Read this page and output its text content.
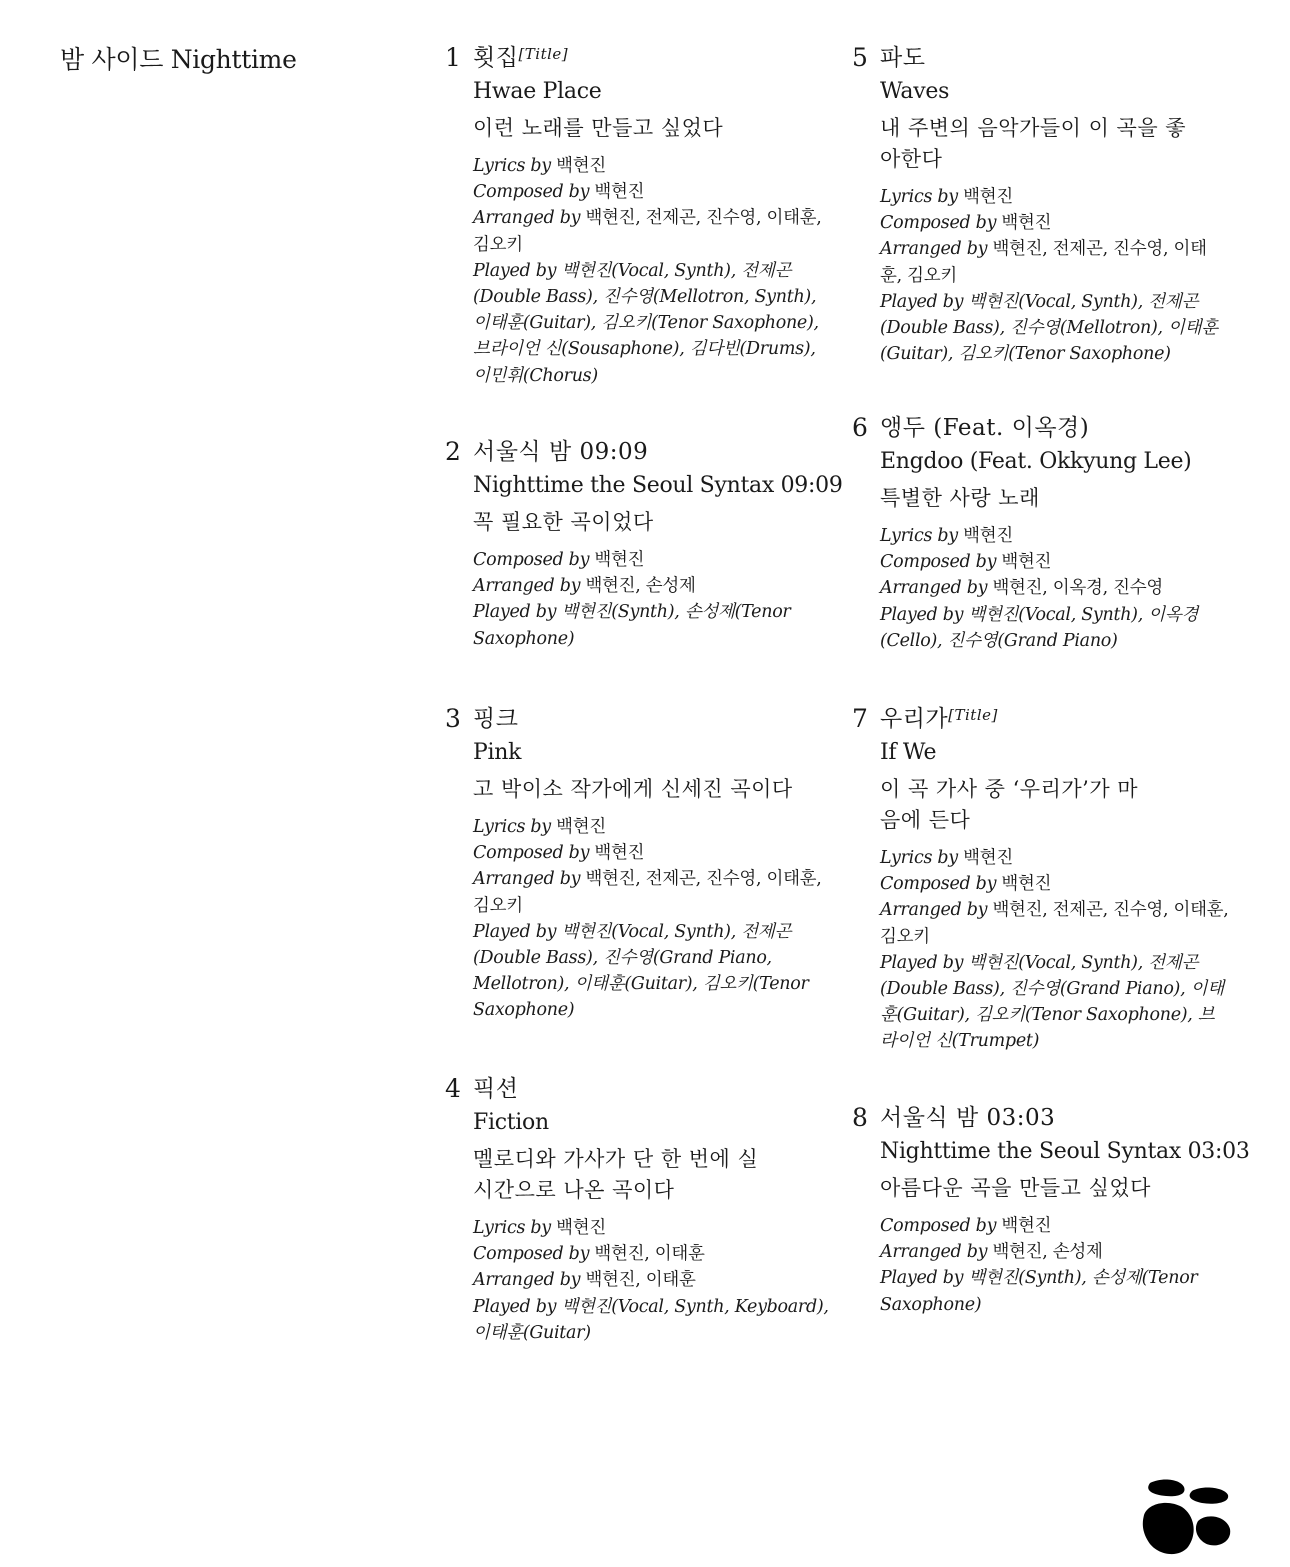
밤 사이드 Nighttime	1 횟집[Title]
Hwae Place
이런 노래를 만들고 싶었다
Lyrics by 백현진
Composed by 백현진
Arranged by 백현진, 전제곤, 진수영, 이태훈, 김오키
Played by 백현진(Vocal, Synth), 전제곤(Double Bass), 진수영(Mellotron, Synth), 이태훈(Guitar), 김오키(Tenor Saxophone), 브라이언 신(Sousaphone), 김다빈(Drums), 이민휘(Chorus)
2 서울식 밤 09:09
Nighttime the Seoul Syntax 09:09
꼭 필요한 곡이었다
Composed by 백현진
Arranged by 백현진, 손성제
Played by 백현진(Synth), 손성제(Tenor Saxophone)
3 핑크
Pink
고 박이소 작가에게 신세진 곡이다
Lyrics by 백현진
Composed by 백현진
Arranged by 백현진, 전제곤, 진수영, 이태훈, 김오키
Played by 백현진(Vocal, Synth), 전제곤(Double Bass), 진수영(Grand Piano, Mellotron), 이태훈(Guitar), 김오키(Tenor Saxophone)
4 픽션
Fiction
멜로디와 가사가 단 한 번에 실시간으로 나온 곡이다
Lyrics by 백현진
Composed by 백현진, 이태훈
Arranged by 백현진, 이태훈
Played by 백현진(Vocal, Synth, Keyboard), 이태훈(Guitar)
5 파도
Waves
내 주변의 음악가들이 이 곡을 좋아한다
Lyrics by 백현진
Composed by 백현진
Arranged by 백현진, 전제곤, 진수영, 이태훈, 김오키
Played by 백현진(Vocal, Synth), 전제곤(Double Bass), 진수영(Mellotron), 이태훈(Guitar), 김오키(Tenor Saxophone)
6 앵두 (Feat. 이옥경)
Engdoo (Feat. Okkyung Lee)
특별한 사랑 노래
Lyrics by 백현진
Composed by 백현진
Arranged by 백현진, 이옥경, 진수영
Played by 백현진(Vocal, Synth), 이옥경(Cello), 진수영(Grand Piano)
7 우리가[Title]
If We
이 곡 가사 중 ‘우리가’가 마음에 든다
Lyrics by 백현진
Composed by 백현진
Arranged by 백현진, 전제곤, 진수영, 이태훈, 김오키
Played by 백현진(Vocal, Synth), 전제곤(Double Bass), 진수영(Grand Piano), 이태훈(Guitar), 김오키(Tenor Saxophone), 브라이언 신(Trumpet)
8 서울식 밤 03:03
Nighttime the Seoul Syntax 03:03
아름다운 곡을 만들고 싶었다
Composed by 백현진
Arranged by 백현진, 손성제
Played by 백현진(Synth), 손성제(Tenor Saxophone)
